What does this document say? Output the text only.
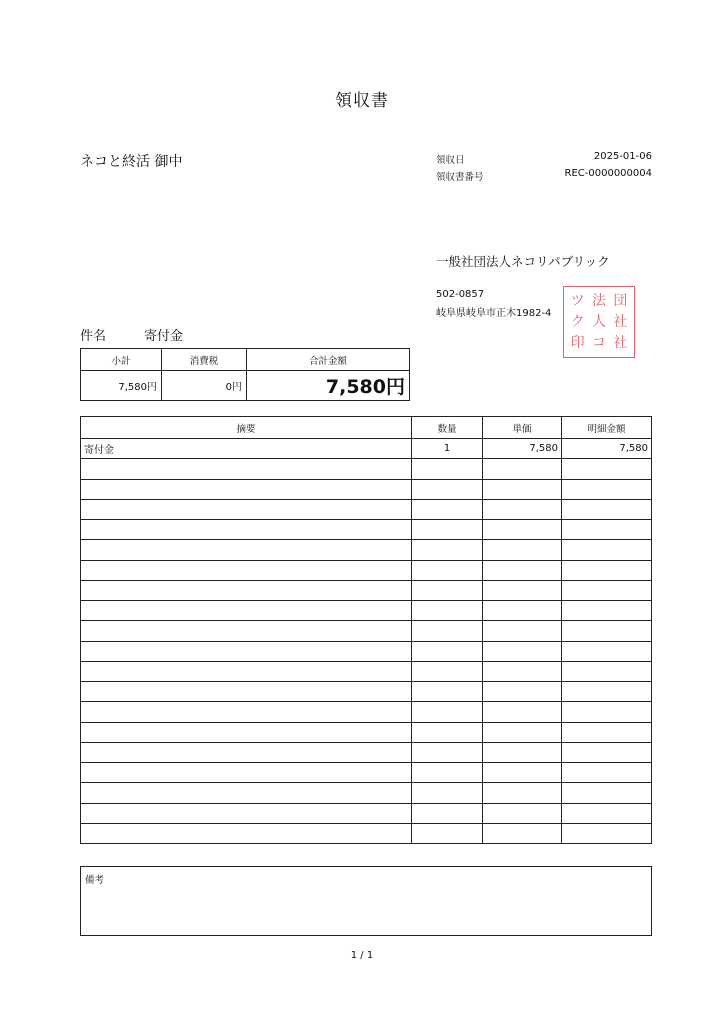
領収書
ネコと終活 御中	領収日	2025-01-06
領収書番号	REC-0000000004
一般社団法人ネコリパブリック
502-0857
岐阜県岐阜市正木1982-4
ツ 法 団
ク 人 社
印 コ 社
件名	寄付金
小計	消費税	合計金額
7,580円	0円	7,580円
摘要	数量	単価	明細金額
寄付金	1	7,580	7,580

備考
1 / 1
